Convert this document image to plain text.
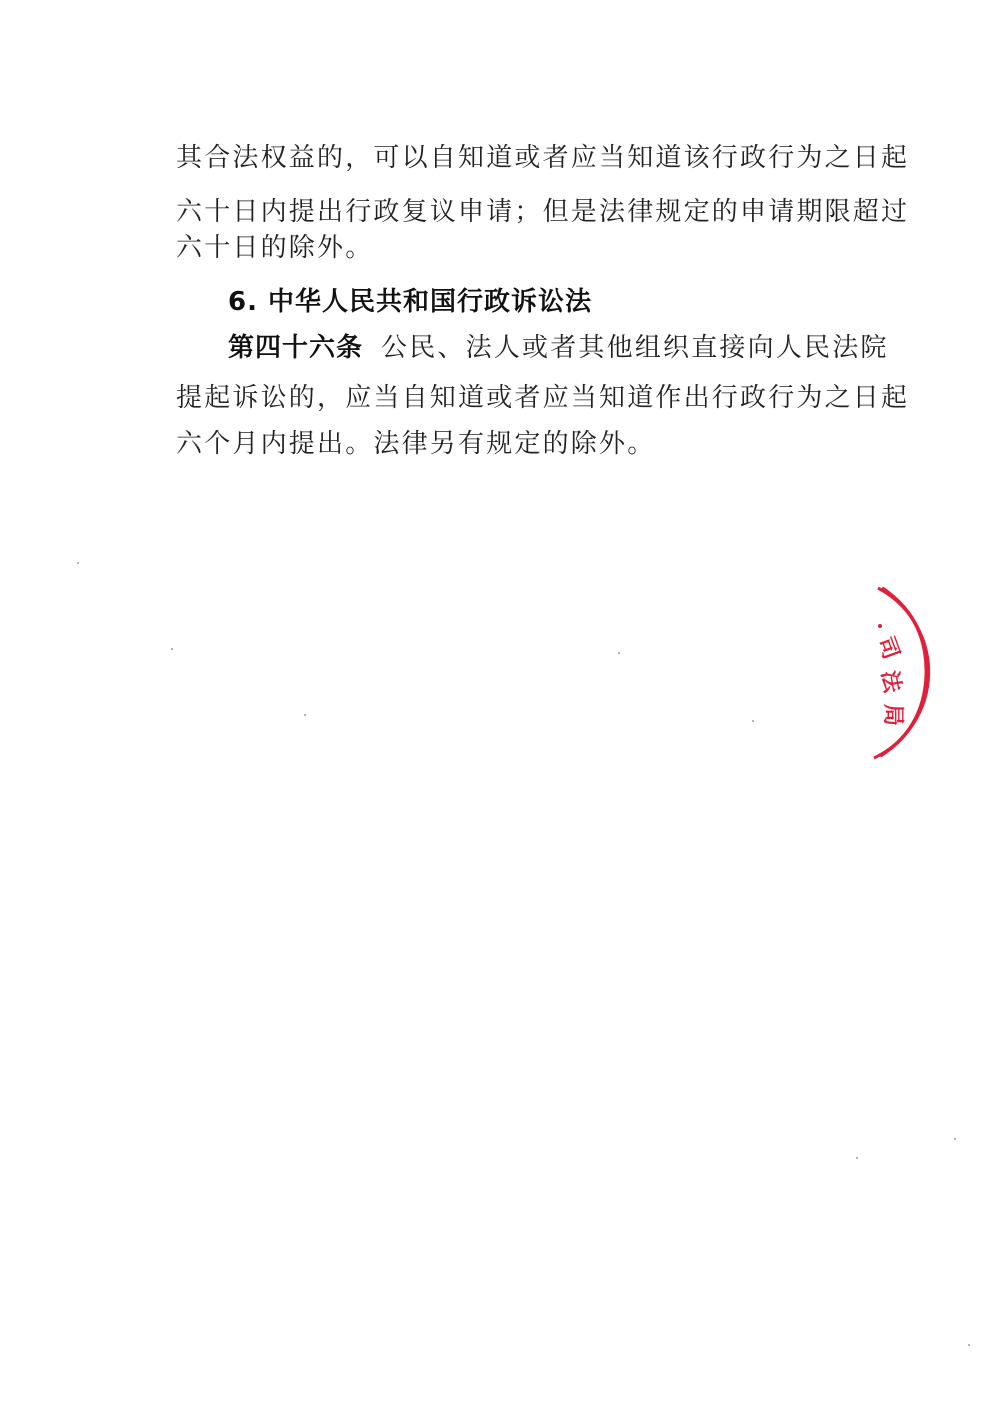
其合法权益的，可以自知道或者应当知道该行政行为之日起
六十日内提出行政复议申请；但是法律规定的申请期限超过
六十日的除外。
6. 中华人民共和国行政诉讼法
第四十六条 公民、法人或者其他组织直接向人民法院
提起诉讼的，应当自知道或者应当知道作出行政行为之日起
六个月内提出。法律另有规定的除外。
司
法
局
